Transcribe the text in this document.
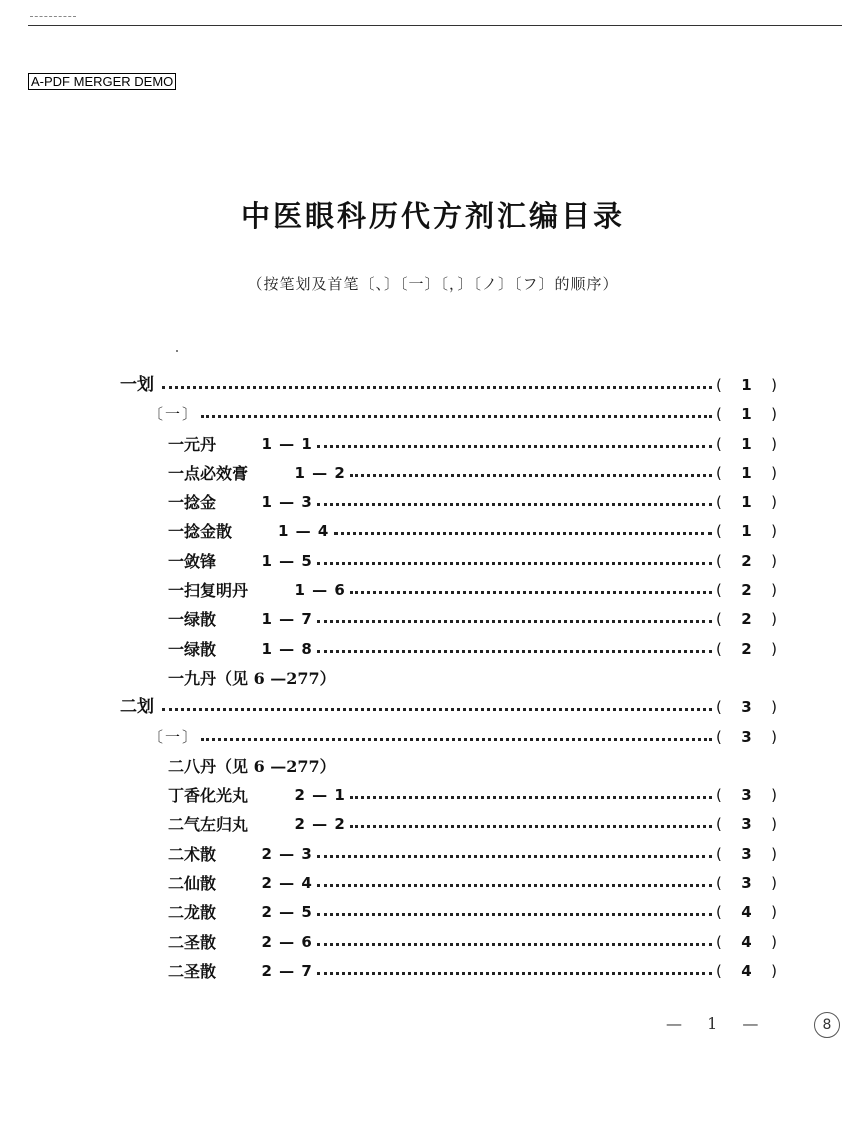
A-PDF MERGER DEMO
中医眼科历代方剂汇编目录
（按笔划及首笔〔、〕〔一〕〔，〕〔ノ〕〔フ〕的顺序）
一划	( 1 )
〔一〕	( 1 )
一元丹	1 — 1	( 1 )
一点必效膏	1 — 2	( 1 )
一捻金	1 — 3	( 1 )
一捻金散	1 — 4	( 1 )
一敛锋	1 — 5	( 2 )
一扫复明丹	1 — 6	( 2 )
一绿散	1 — 7	( 2 )
一绿散	1 — 8	( 2 )
一九丹（见 6 —277）
二划	( 3 )
〔一〕	( 3 )
二八丹（见 6 —277）
丁香化光丸	2 — 1	( 3 )
二气左归丸	2 — 2	( 3 )
二术散	2 — 3	( 3 )
二仙散	2 — 4	( 3 )
二龙散	2 — 5	( 4 )
二圣散	2 — 6	( 4 )
二圣散	2 — 7	( 4 )
— 1 —	8
